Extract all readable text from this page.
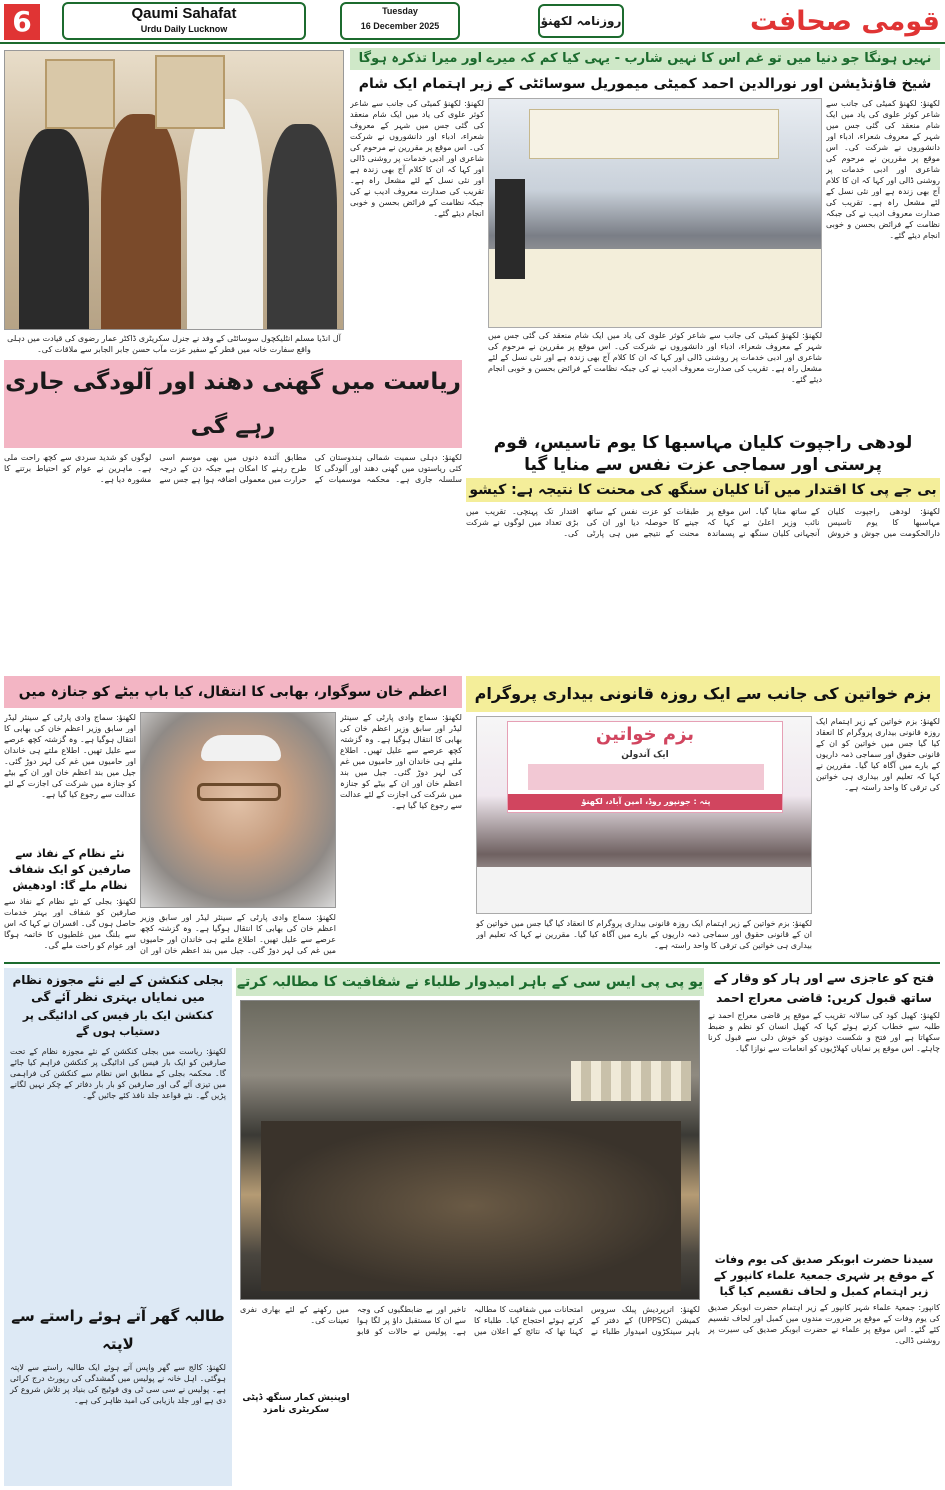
6	Qaumi Sahafat
Urdu Daily Lucknow
Tuesday
16 December 2025	روزنامہ لکھنؤ	قومی صحافت
آل انڈیا مسلم انٹلیکچول سوسائٹی کے وفد نے جنرل سکریٹری ڈاکٹر عمار رضوی کی قیادت میں دہلی واقع سفارت خانہ میں قطر کے سفیر عزت مآب حسن جابر الجابر سے ملاقات کی۔
نہیں ہونگا جو دنیا میں تو غم اس کا نہیں شارب - یہی کیا کم کہ میرے اور میرا تذکرہ ہوگا
شیخ فاؤنڈیشن اور نورالدین احمد کمیٹی میموریل سوسائٹی کے زیر اہتمام ایک شام
لکھنؤ: لکھنؤ کمیٹی کی جانب سے شاعر کوثر علوی کی یاد میں ایک شام منعقد کی گئی جس میں شہر کے معروف شعراء، ادباء اور دانشوروں نے شرکت کی۔ اس موقع پر مقررین نے مرحوم کی شاعری اور ادبی خدمات پر روشنی ڈالی اور کہا کہ ان کا کلام آج بھی زندہ ہے اور نئی نسل کے لئے مشعل راہ ہے۔ تقریب کی صدارت معروف ادیب نے کی جبکہ نظامت کے فرائض بحسن و خوبی انجام دیئے گئے۔
لکھنؤ: لکھنؤ کمیٹی کی جانب سے شاعر کوثر علوی کی یاد میں ایک شام منعقد کی گئی جس میں شہر کے معروف شعراء، ادباء اور دانشوروں نے شرکت کی۔ اس موقع پر مقررین نے مرحوم کی شاعری اور ادبی خدمات پر روشنی ڈالی اور کہا کہ ان کا کلام آج بھی زندہ ہے اور نئی نسل کے لئے مشعل راہ ہے۔ تقریب کی صدارت معروف ادیب نے کی جبکہ نظامت کے فرائض بحسن و خوبی انجام دیئے گئے۔
لکھنؤ: لکھنؤ کمیٹی کی جانب سے شاعر کوثر علوی کی یاد میں ایک شام منعقد کی گئی جس میں شہر کے معروف شعراء، ادباء اور دانشوروں نے شرکت کی۔ اس موقع پر مقررین نے مرحوم کی شاعری اور ادبی خدمات پر روشنی ڈالی اور کہا کہ ان کا کلام آج بھی زندہ ہے اور نئی نسل کے لئے مشعل راہ ہے۔ تقریب کی صدارت معروف ادیب نے کی جبکہ نظامت کے فرائض بحسن و خوبی انجام دیئے گئے۔
ریاست میں گھنی دھند اور آلودگی جاری رہے گی
لکھنؤ: دہلی سمیت شمالی ہندوستان کی کئی ریاستوں میں گھنی دھند اور آلودگی کا سلسلہ جاری ہے۔ محکمہ موسمیات کے مطابق آئندہ دنوں میں بھی موسم اسی طرح رہنے کا امکان ہے جبکہ دن کے درجہ حرارت میں معمولی اضافہ ہوا ہے جس سے لوگوں کو شدید سردی سے کچھ راحت ملی ہے۔ ماہرین نے عوام کو احتیاط برتنے کا مشورہ دیا ہے۔
لودھی راجپوت کلیان مہاسبھا کا یوم تاسیس، قوم پرستی اور سماجی عزت نفس سے منایا گیا
بی جے پی کا اقتدار میں آنا کلیان سنگھ کی محنت کا نتیجہ ہے: کیشو
لکھنؤ: لودھی راجپوت کلیان مہاسبھا کا یوم تاسیس دارالحکومت میں جوش و خروش کے ساتھ منایا گیا۔ اس موقع پر نائب وزیر اعلیٰ نے کہا کہ آنجہانی کلیان سنگھ نے پسماندہ طبقات کو عزت نفس کے ساتھ جینے کا حوصلہ دیا اور ان کی محنت کے نتیجے میں ہی پارٹی اقتدار تک پہنچی۔ تقریب میں بڑی تعداد میں لوگوں نے شرکت کی۔
اعظم خان سوگوار، بھابی کا انتقال، کیا باپ بیٹے کو جنازہ میں
لکھنؤ: سماج وادی پارٹی کے سینئر لیڈر اور سابق وزیر اعظم خان کی بھابی کا انتقال ہوگیا ہے۔ وہ گزشتہ کچھ عرصے سے علیل تھیں۔ اطلاع ملتے ہی خاندان اور حامیوں میں غم کی لہر دوڑ گئی۔ جیل میں بند اعظم خان اور ان کے بیٹے کو جنازہ میں شرکت کی اجازت کے لئے عدالت سے رجوع کیا گیا ہے۔
نئے نظام کے نفاذ سے صارفین کو ایک شفاف نظام ملے گا: اودھیش
لکھنؤ: بجلی کے نئے نظام کے نفاذ سے صارفین کو شفاف اور بہتر خدمات حاصل ہوں گی۔ افسران نے کہا کہ اس سے بلنگ میں غلطیوں کا خاتمہ ہوگا اور عوام کو راحت ملے گی۔
لکھنؤ: سماج وادی پارٹی کے سینئر لیڈر اور سابق وزیر اعظم خان کی بھابی کا انتقال ہوگیا ہے۔ وہ گزشتہ کچھ عرصے سے علیل تھیں۔ اطلاع ملتے ہی خاندان اور حامیوں میں غم کی لہر دوڑ گئی۔ جیل میں بند اعظم خان اور ان
لکھنؤ: سماج وادی پارٹی کے سینئر لیڈر اور سابق وزیر اعظم خان کی بھابی کا انتقال ہوگیا ہے۔ وہ گزشتہ کچھ عرصے سے علیل تھیں۔ اطلاع ملتے ہی خاندان اور حامیوں میں غم کی لہر دوڑ گئی۔ جیل میں بند اعظم خان اور ان کے بیٹے کو جنازہ میں شرکت کی اجازت کے لئے عدالت سے رجوع کیا گیا ہے۔
بزم خواتین کی جانب سے ایک روزہ قانونی بیداری پروگرام
بزم خواتین
ایک آندولن
پتہ : جونپور روڈ، امین آباد، لکھنؤ
لکھنؤ: بزم خواتین کے زیر اہتمام ایک روزہ قانونی بیداری پروگرام کا انعقاد کیا گیا جس میں خواتین کو ان کے قانونی حقوق اور سماجی ذمہ داریوں کے بارے میں آگاہ کیا گیا۔ مقررین نے کہا کہ تعلیم اور بیداری ہی خواتین کی ترقی کا واحد راستہ ہے۔
لکھنؤ: بزم خواتین کے زیر اہتمام ایک روزہ قانونی بیداری پروگرام کا انعقاد کیا گیا جس میں خواتین کو ان کے قانونی حقوق اور سماجی ذمہ داریوں کے بارے میں آگاہ کیا گیا۔ مقررین نے کہا کہ تعلیم اور بیداری ہی خواتین کی ترقی کا واحد راستہ ہے۔
بجلی کنکشن کے لیے نئے مجوزہ نظام میں نمایاں بہتری نظر آئے گی
کنکشن ایک بار فیس کی ادائیگی پر دستیاب ہوں گے
لکھنؤ: ریاست میں بجلی کنکشن کے نئے مجوزہ نظام کے تحت صارفین کو ایک بار فیس کی ادائیگی پر کنکشن فراہم کیا جائے گا۔ محکمہ بجلی کے مطابق اس نظام سے کنکشن کی فراہمی میں تیزی آئے گی اور صارفین کو بار بار دفاتر کے چکر نہیں لگانے پڑیں گے۔ نئے قواعد جلد نافذ کئے جائیں گے۔
طالبہ گھر آتے ہوئے راستے سے لاپتہ
لکھنؤ: کالج سے گھر واپس آتے ہوئے ایک طالبہ راستے سے لاپتہ ہوگئی۔ اہل خانہ نے پولیس میں گمشدگی کی رپورٹ درج کرائی ہے۔ پولیس نے سی سی ٹی وی فوٹیج کی بنیاد پر تلاش شروع کر دی ہے اور جلد بازیابی کی امید ظاہر کی ہے۔
یو پی پی ایس سی کے باہر امیدوار طلباء نے شفافیت کا مطالبہ کرتے
لکھنؤ: اترپردیش پبلک سروس کمیشن (UPPSC) کے دفتر کے باہر سینکڑوں امیدوار طلباء نے امتحانات میں شفافیت کا مطالبہ کرتے ہوئے احتجاج کیا۔ طلباء کا کہنا تھا کہ نتائج کے اعلان میں تاخیر اور بے ضابطگیوں کی وجہ سے ان کا مستقبل داؤ پر لگا ہوا ہے۔ پولیس نے حالات کو قابو میں رکھنے کے لئے بھاری نفری تعینات کی۔
اوپنیش کمار سنگھ ڈپٹی سکریٹری نامزد
فتح کو عاجزی سے اور ہار کو وقار کے ساتھ قبول کریں: قاضی معراج احمد
لکھنؤ: کھیل کود کی سالانہ تقریب کے موقع پر قاضی معراج احمد نے طلبہ سے خطاب کرتے ہوئے کہا کہ کھیل انسان کو نظم و ضبط سکھاتا ہے اور فتح و شکست دونوں کو خوش دلی سے قبول کرنا چاہئے۔ اس موقع پر نمایاں کھلاڑیوں کو انعامات سے نوازا گیا۔
سیدنا حضرت ابوبکر صدیق کی یوم وفات کے موقع پر شہری جمعیۃ علماء کانپور کے زیر اہتمام کمبل و لحاف تقسیم کیا گیا
کانپور: جمعیۃ علماء شہر کانپور کے زیر اہتمام حضرت ابوبکر صدیق کی یوم وفات کے موقع پر ضرورت مندوں میں کمبل اور لحاف تقسیم کئے گئے۔ اس موقع پر علماء نے حضرت ابوبکر صدیق کی سیرت پر روشنی ڈالی۔
